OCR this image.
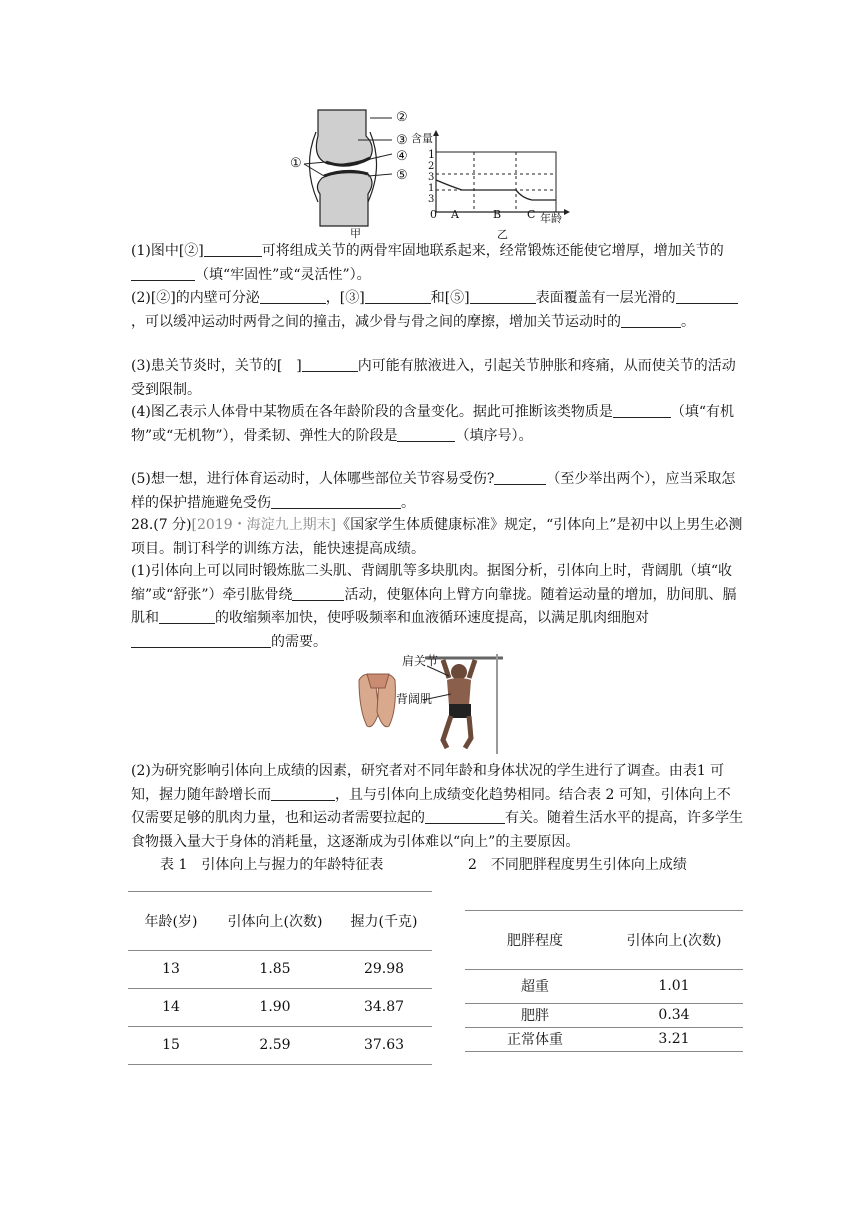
②
③
④
⑤
①
甲
含量
1
2
3
1
3
0 A	B C 年龄
乙
(1)图中[②]	可将组成关节的两骨牢固地联系起来，经常锻炼还能使它增厚，增加关节的（填“牢固性”或“灵活性”）。
(2)[②]的内壁可分泌	，[③]	和[⑤]	表面覆盖有一层光滑的，可以缓冲运动时两骨之间的撞击，减少骨与骨之间的摩擦，增加关节运动时的	。
(3)患关节炎时，关节的[ ]	内可能有脓液进入，引起关节肿胀和疼痛，从而使关节的活动受到限制。
(4)图乙表示人体骨中某物质在各年龄阶段的含量变化。据此可推断该类物质是	（填“有机物”或“无机物”），骨柔韧、弹性大的阶段是	（填序号）。
(5)想一想，进行体育运动时，人体哪些部位关节容易受伤?	（至少举出两个），应当采取怎样的保护措施避免受伤	。
28.(7 分)[2019・海淀九上期末]《国家学生体质健康标准》规定，“引体向上”是初中以上男生必测项目。制订科学的训练方法，能快速提高成绩。
(1)引体向上可以同时锻炼肱二头肌、背阔肌等多块肌肉。据图分析，引体向上时，背阔肌（填“收缩”或“舒张”）牵引肱骨绕	活动，使躯体向上臂方向靠拢。随着运动量的增加，肋间肌、膈肌和	的收缩频率加快，使呼吸频率和血液循环速度提高，以满足肌肉细胞对的需要。
肩关节
背阔肌
(2)为研究影响引体向上成绩的因素，研究者对不同年龄和身体状况的学生进行了调查。由表1 可知，握力随年龄增长而	，且与引体向上成绩变化趋势相同。结合表 2 可知，引体向上不仅需要足够的肌肉力量，也和运动者需要拉起的	有关。随着生活水平的提高，许多学生食物摄入量大于身体的消耗量，这逐渐成为引体难以“向上”的主要原因。
表 1　引体向上与握力的年龄特征表	2　不同肥胖程度男生引体向上成绩
年龄(岁)	引体向上(次数)	握力(千克)
13	1.85	29.98
14	1.90	34.87
15	2.59	37.63
肥胖程度	引体向上(次数)
超重	1.01
肥胖	0.34
正常体重	3.21
